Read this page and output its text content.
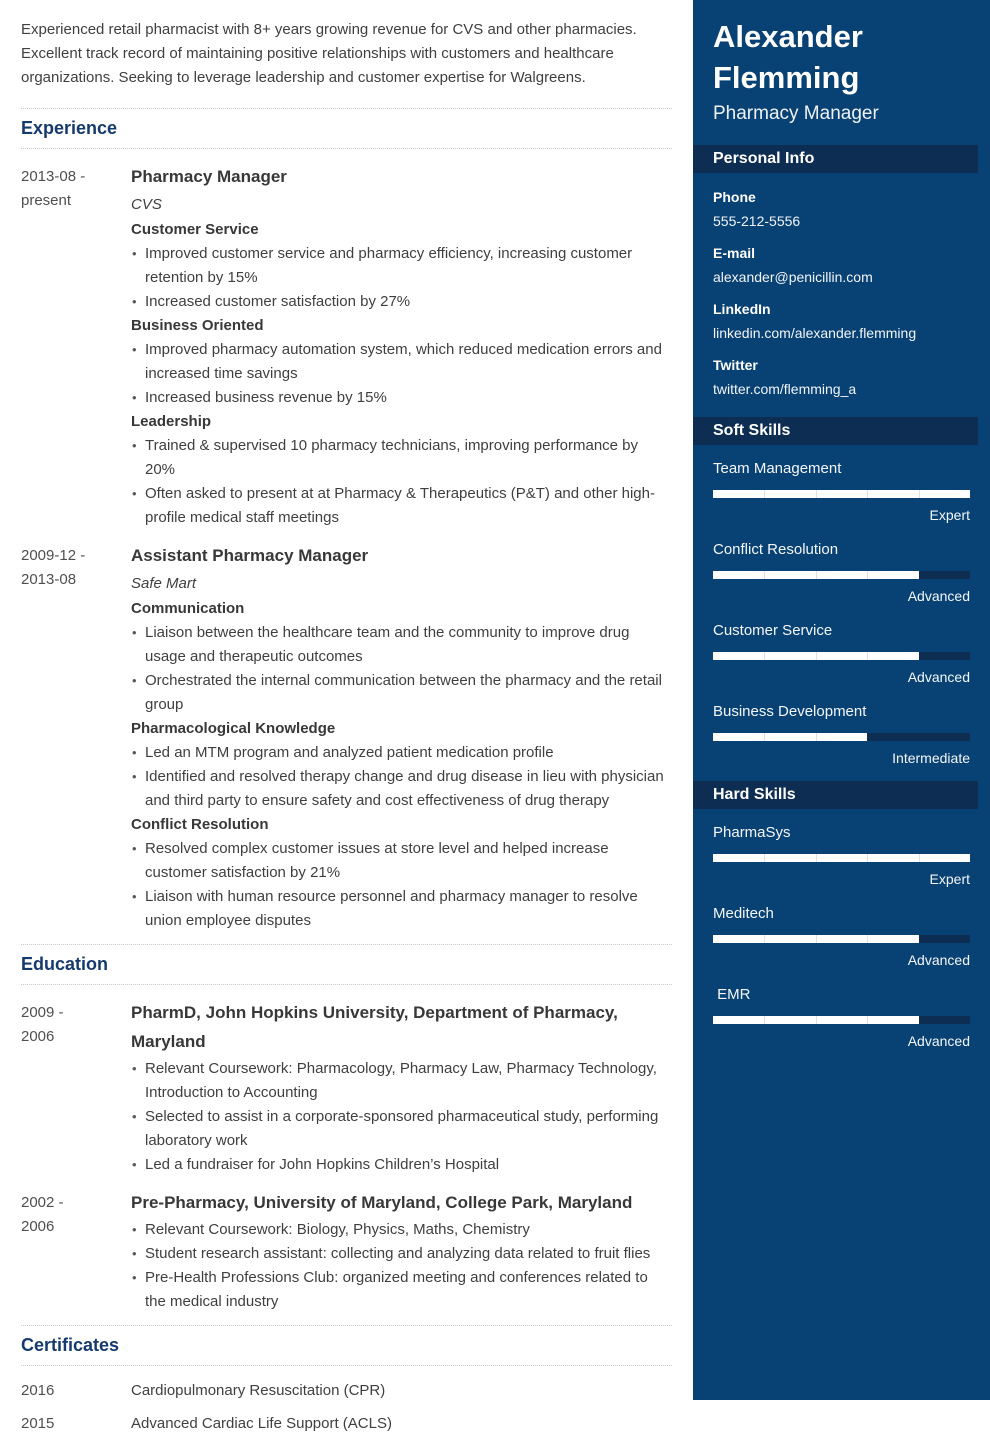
Experienced retail pharmacist with 8+ years growing revenue for CVS and other pharmacies. Excellent track record of maintaining positive relationships with customers and healthcare organizations. Seeking to leverage leadership and customer expertise for Walgreens.

Experience
2013-08 -
present
Pharmacy Manager
CVS
Customer Service
• Improved customer service and pharmacy efficiency, increasing customer retention by 15%
• Increased customer satisfaction by 27%
Business Oriented
• Improved pharmacy automation system, which reduced medication errors and increased time savings
• Increased business revenue by 15%
Leadership
• Trained & supervised 10 pharmacy technicians, improving performance by 20%
• Often asked to present at at Pharmacy & Therapeutics (P&T) and other high-profile medical staff meetings
2009-12 -
2013-08
Assistant Pharmacy Manager
Safe Mart
Communication
• Liaison between the healthcare team and the community to improve drug usage and therapeutic outcomes
• Orchestrated the internal communication between the pharmacy and the retail group
Pharmacological Knowledge
• Led an MTM program and analyzed patient medication profile
• Identified and resolved therapy change and drug disease in lieu with physician and third party to ensure safety and cost effectiveness of drug therapy
Conflict Resolution
• Resolved complex customer issues at store level and helped increase customer satisfaction by 21%
• Liaison with human resource personnel and pharmacy manager to resolve union employee disputes
Education
2009 -
2006
PharmD, John Hopkins University, Department of Pharmacy, Maryland
• Relevant Coursework: Pharmacology, Pharmacy Law, Pharmacy Technology, Introduction to Accounting
• Selected to assist in a corporate-sponsored pharmaceutical study, performing laboratory work
• Led a fundraiser for John Hopkins Children’s Hospital
2002 -
2006
Pre-Pharmacy, University of Maryland, College Park, Maryland
• Relevant Coursework: Biology, Physics, Maths, Chemistry
• Student research assistant: collecting and analyzing data related to fruit flies
• Pre-Health Professions Club: organized meeting and conferences related to the medical industry
Certificates
2016	Cardiopulmonary Resuscitation (CPR)
2015	Advanced Cardiac Life Support (ACLS)
Alexander Flemming
Pharmacy Manager
Personal Info
Phone
555-212-5556
E-mail
alexander@penicillin.com
LinkedIn
linkedin.com/alexander.flemming
Twitter
twitter.com/flemming_a
Soft Skills
Team Management
Expert
Conflict Resolution
Advanced
Customer Service
Advanced
Business Development
Intermediate
Hard Skills
PharmaSys
Expert
Meditech
Advanced
EMR
Advanced
